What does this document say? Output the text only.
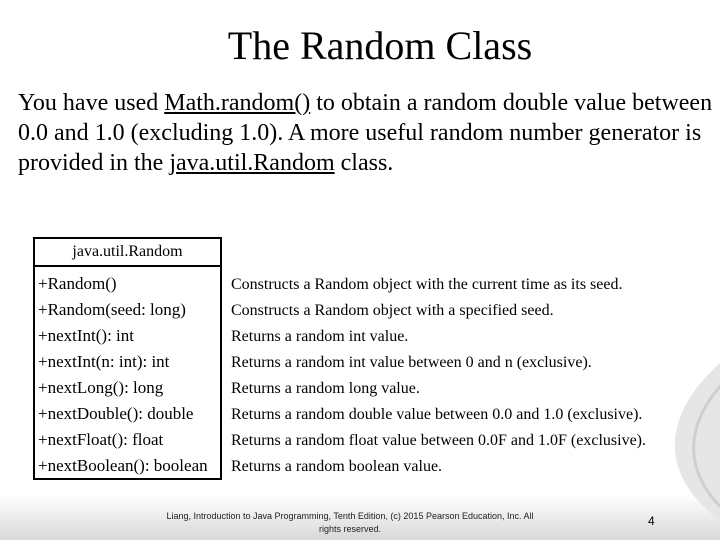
The Random Class

You have used Math.random() to obtain a random double value between 0.0 and 1.0 (excluding 1.0). A more useful random number generator is provided in the java.util.Random class.

java.util.Random
+Random()
+Random(seed: long)
+nextInt(): int
+nextInt(n: int): int
+nextLong(): long
+nextDouble(): double
+nextFloat(): float
+nextBoolean(): boolean
Constructs a Random object with the current time as its seed.
Constructs a Random object with a specified seed.
Returns a random int value.
Returns a random int value between 0 and n (exclusive).
Returns a random long value.
Returns a random double value between 0.0 and 1.0 (exclusive).
Returns a random float value between 0.0F and 1.0F (exclusive).
Returns a random boolean value.
Liang, Introduction to Java Programming, Tenth Edition, (c) 2015 Pearson Education, Inc. All
rights reserved.
4
